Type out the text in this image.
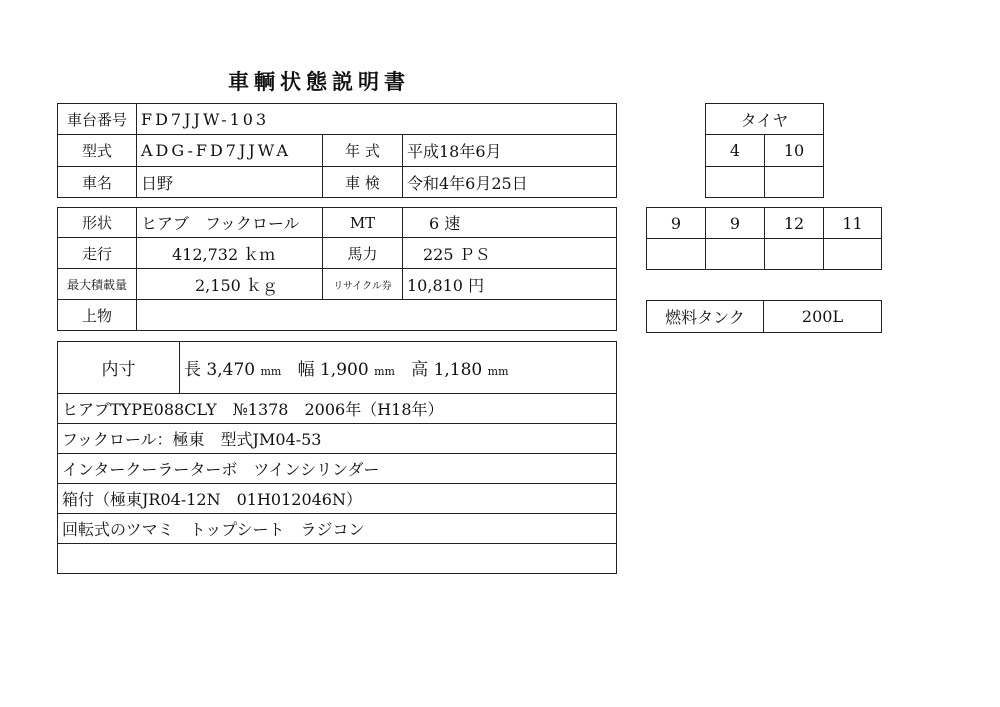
車輌状態説明書
車台番号	FD7JJW-103		
型式	ADG-FD7JJWA	年 式	平成18年6月
車名	日野	車 検	令和4年6月25日
形状	ヒアブ　フックロール	MT	6 速
走行	412,732 ｋｍ	馬力	225 ＰＳ
最大積載量	2,150 ｋｇ	リサイクル券	10,810 円
上物			
内寸	長 3,470 mm 幅 1,900 mm 高 1,180 mm
ヒアブTYPE088CLY　№1378　2006年（H18年）
フックロール：極東　型式JM04-53
インタークーラーターボ　ツインシリンダー
箱付（極東JR04-12N　01H012046N）
回転式のツマミ　トップシート　ラジコン

タイヤ	
4	10

9	9	12	11

燃料タンク	200L
